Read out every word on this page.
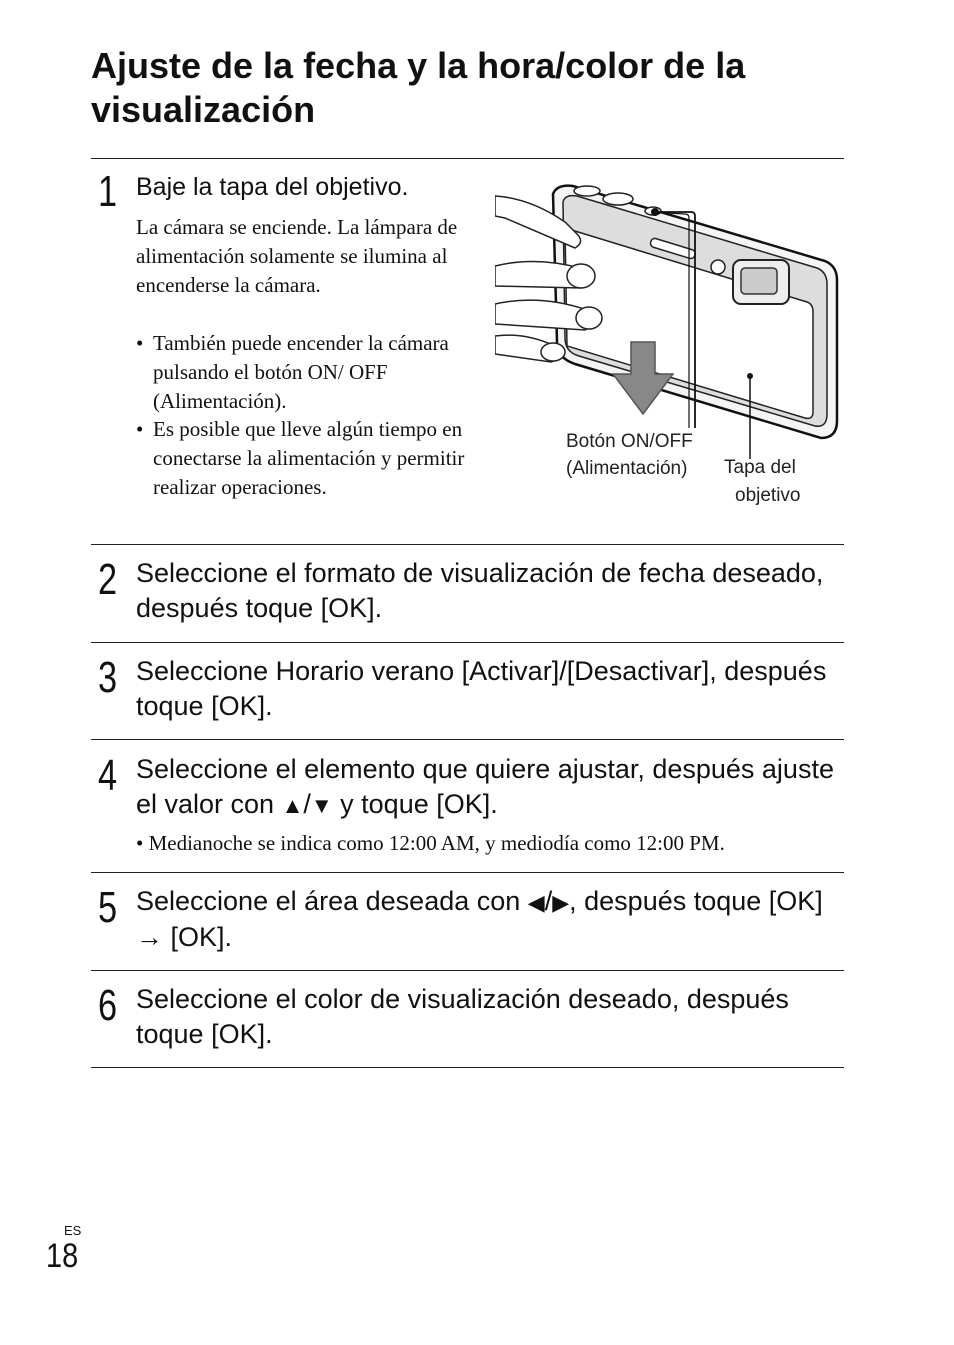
Ajuste de la fecha y la hora/color de la visualización
1 Baje la tapa del objetivo.
La cámara se enciende. La lámpara de alimentación solamente se ilumina al encenderse la cámara.
• También puede encender la cámara pulsando el botón ON/ OFF (Alimentación).
• Es posible que lleve algún tiempo en conectarse la alimentación y permitir realizar operaciones.
Botón ON/OFF
(Alimentación) Tapa del
objetivo
2 Seleccione el formato de visualización de fecha deseado, después toque [OK].
3 Seleccione Horario verano [Activar]/[Desactivar], después toque [OK].
4 Seleccione el elemento que quiere ajustar, después ajuste el valor con ▲/▼ y toque [OK].
• Medianoche se indica como 12:00 AM, y mediodía como 12:00 PM.
5 Seleccione el área deseada con ◀/▶, después toque [OK] → [OK].
6 Seleccione el color de visualización deseado, después toque [OK].
ES
18
